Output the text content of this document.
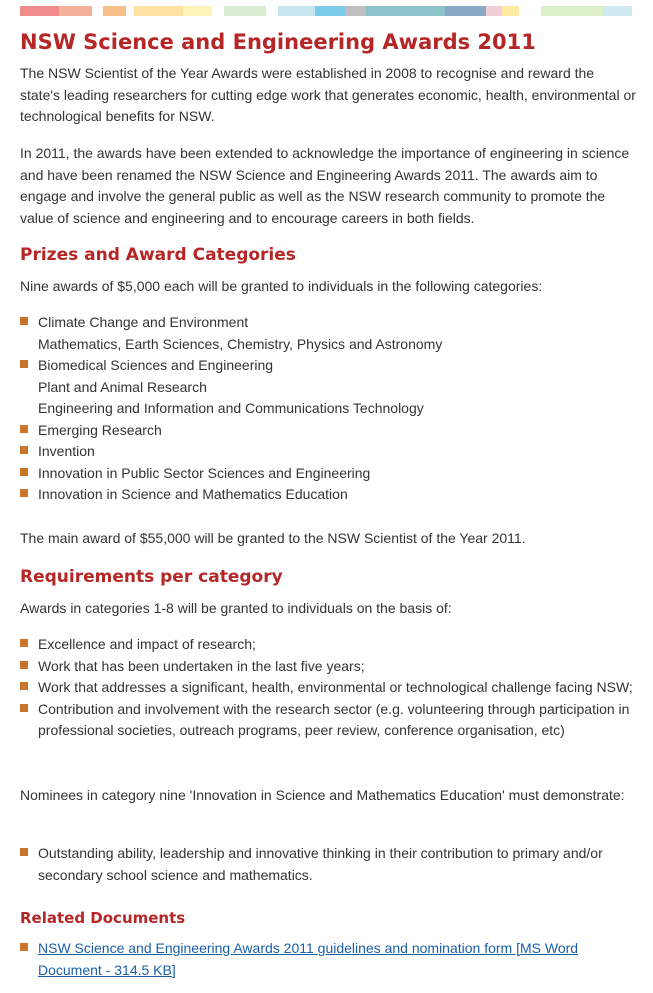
NSW Science and Engineering Awards 2011

The NSW Scientist of the Year Awards were established in 2008 to recognise and reward the state's leading researchers for cutting edge work that generates economic, health, environmental or technological benefits for NSW.

In 2011, the awards have been extended to acknowledge the importance of engineering in science and have been renamed the NSW Science and Engineering Awards 2011. The awards aim to engage and involve the general public as well as the NSW research community to promote the value of science and engineering and to encourage careers in both fields.

Prizes and Award Categories

Nine awards of $5,000 each will be granted to individuals in the following categories:

Climate Change and Environment
Mathematics, Earth Sciences, Chemistry, Physics and Astronomy
Biomedical Sciences and Engineering
Plant and Animal Research
Engineering and Information and Communications Technology
Emerging Research
Invention
Innovation in Public Sector Sciences and Engineering
Innovation in Science and Mathematics Education

The main award of $55,000 will be granted to the NSW Scientist of the Year 2011.

Requirements per category

Awards in categories 1-8 will be granted to individuals on the basis of:

Excellence and impact of research;
Work that has been undertaken in the last five years;
Work that addresses a significant, health, environmental or technological challenge facing NSW;
Contribution and involvement with the research sector (e.g. volunteering through participation in professional societies, outreach programs, peer review, conference organisation, etc)

Nominees in category nine 'Innovation in Science and Mathematics Education' must demonstrate:

Outstanding ability, leadership and innovative thinking in their contribution to primary and/or secondary school science and mathematics.
Related Documents
NSW Science and Engineering Awards 2011 guidelines and nomination form [MS Word Document - 314.5 KB]
